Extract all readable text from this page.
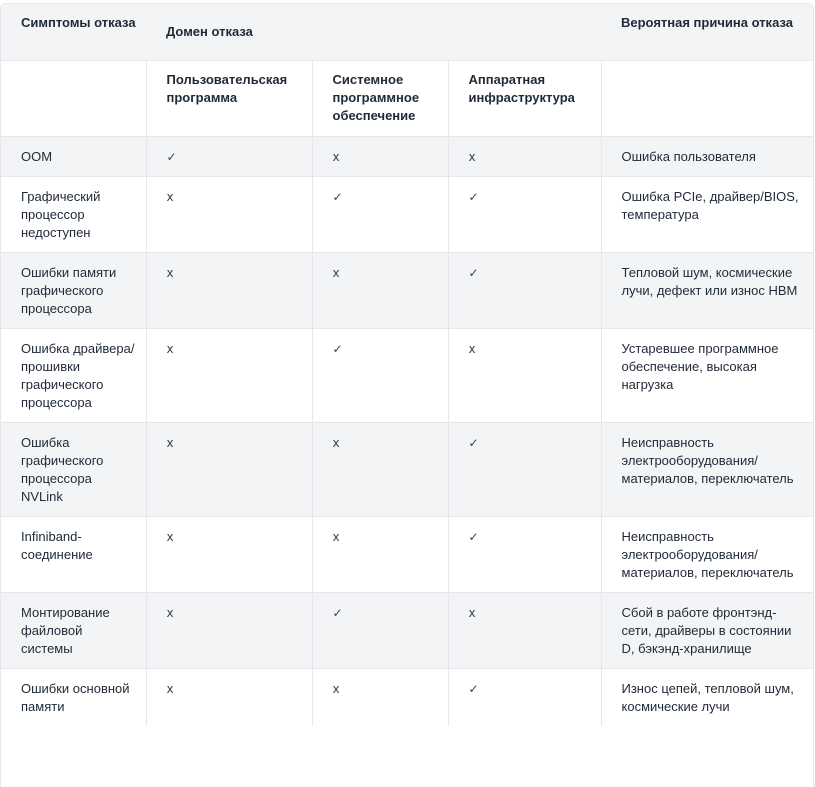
Симптомы отказа	Домен отказа			Вероятная причина отказа

	Пользовательская программа	Системное программное обеспечение	Аппаратная инфраструктура	

OOM	✓	x	x	Ошибка пользователя

Графический процессор недоступен	x	✓	✓	Ошибка PCIe, драйвер/BIOS, температура

Ошибки памяти графического процессора	x	x	✓	Тепловой шум, космические лучи, дефект или износ HBM

Ошибка драйвера/ прошивки графического процессора	x	✓	x	Устаревшее программное обеспечение, высокая нагрузка

Ошибка графического процессора NVLink	x	x	✓	Неисправность электрооборудования/ материалов, переключатель

Infiniband-соединение	x	x	✓	Неисправность электрооборудования/ материалов, переключатель

Монтирование файловой системы	x	✓	x	Сбой в работе фронтэнд-сети, драйверы в состоянии D, бэкэнд-хранилище

Ошибки основной памяти	x	x	✓	Износ цепей, тепловой шум, космические лучи
